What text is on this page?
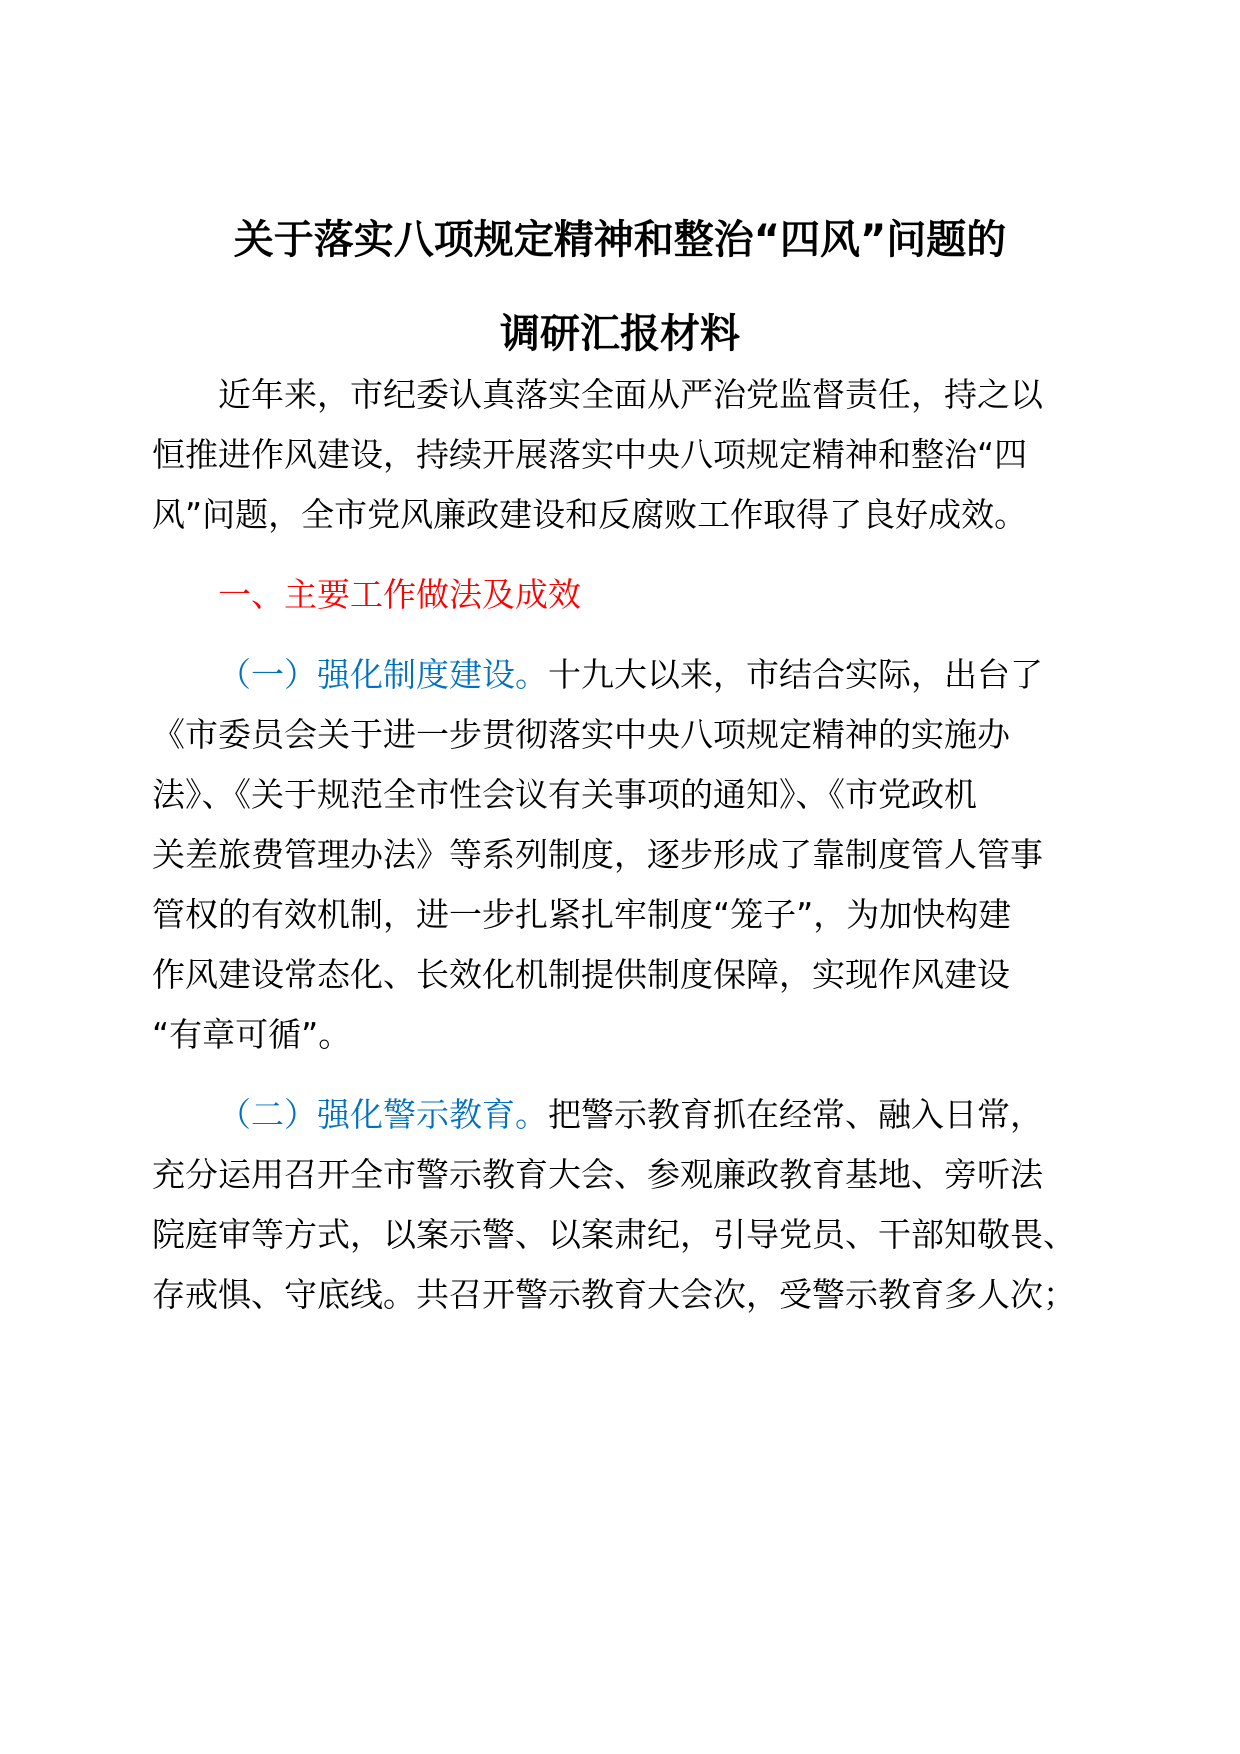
关于落实八项规定精神和整治“四风”问题的
调研汇报材料
近年来，市纪委认真落实全面从严治党监督责任，持之以
恒推进作风建设，持续开展落实中央八项规定精神和整治“四
风”问题，全市党风廉政建设和反腐败工作取得了良好成效。
一、主要工作做法及成效
（一）强化制度建设。十九大以来，市结合实际，出台了
《市委员会关于进一步贯彻落实中央八项规定精神的实施办
法》、《关于规范全市性会议有关事项的通知》、《市党政机
关差旅费管理办法》等系列制度，逐步形成了靠制度管人管事
管权的有效机制，进一步扎紧扎牢制度“笼子”，为加快构建
作风建设常态化、长效化机制提供制度保障，实现作风建设
“有章可循”。
（二）强化警示教育。把警示教育抓在经常、融入日常，
充分运用召开全市警示教育大会、参观廉政教育基地、旁听法
院庭审等方式，以案示警、以案肃纪，引导党员、干部知敬畏、
存戒惧、守底线。共召开警示教育大会次，受警示教育多人次；
